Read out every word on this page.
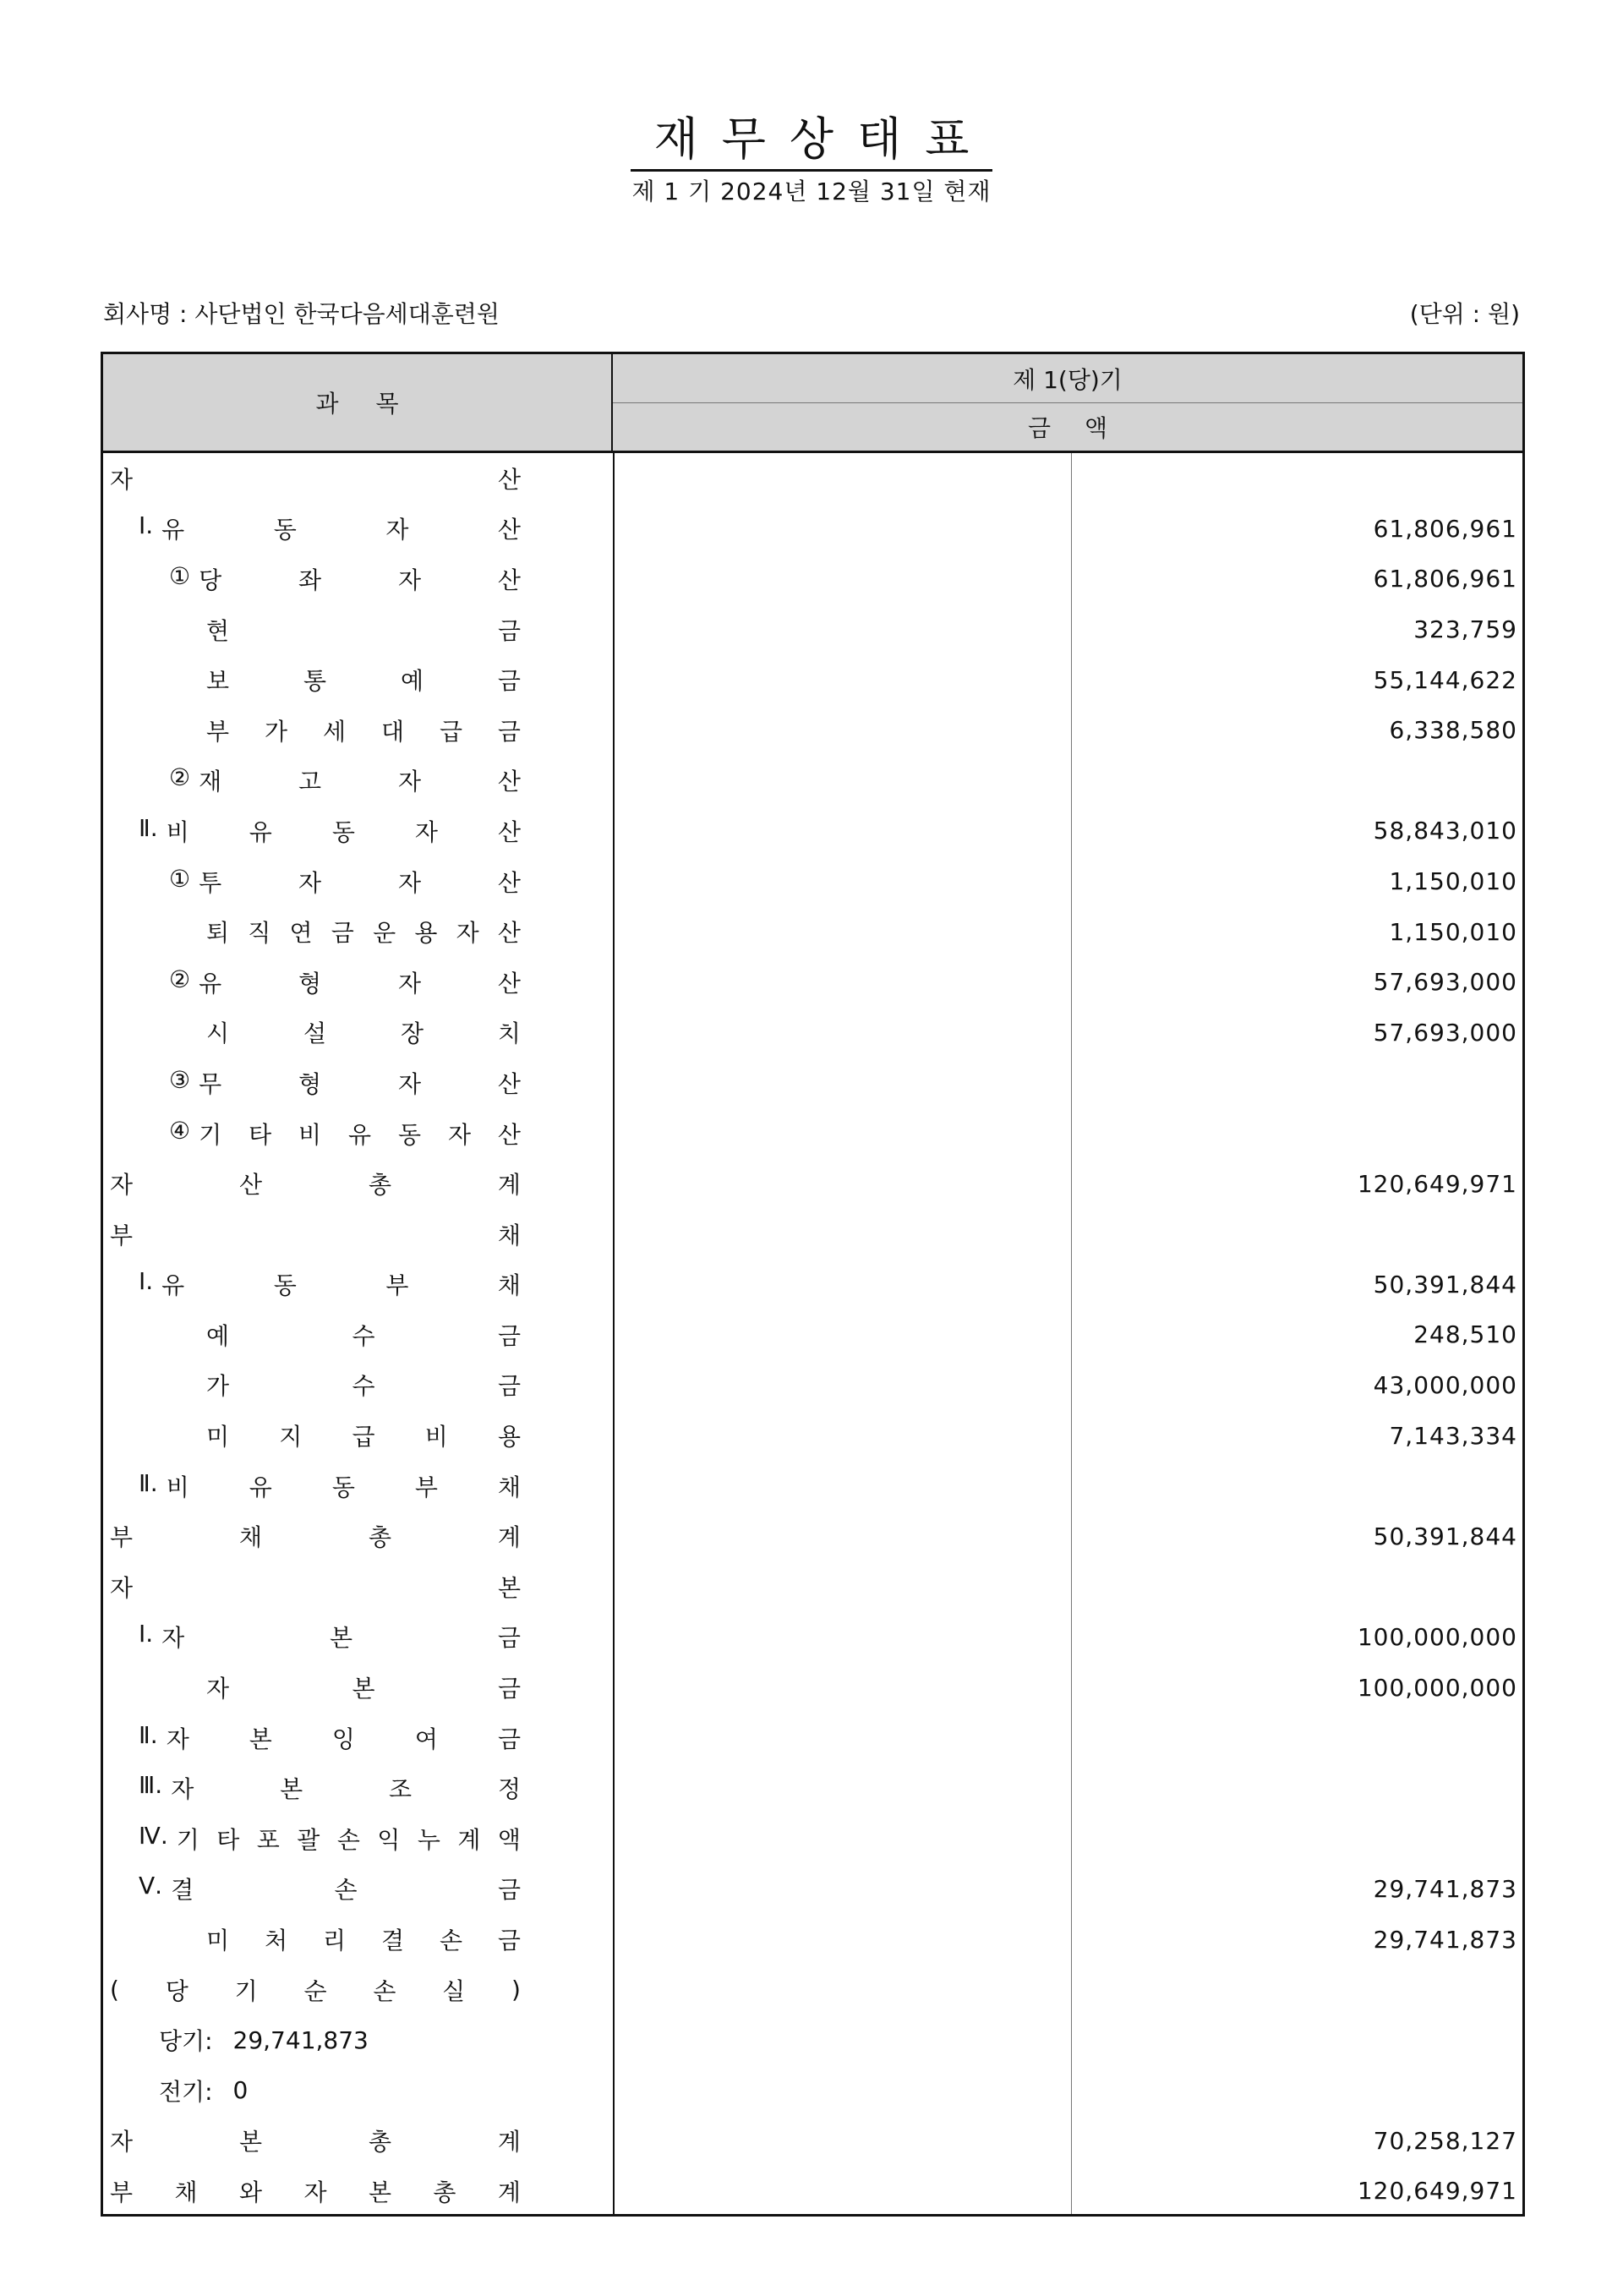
재무상태표
제 1 기 2024년 12월 31일 현재
회사명 : 사단법인 한국다음세대훈련원	(단위 : 원)
과목
제 1(당)기
금액
자	산
Ⅰ. 유	동	자	산	61,806,961
① 당	좌	자	산	61,806,961
현	금	323,759
보	통	예	금	55,144,622
부 가 세 대 급 금	6,338,580
② 재	고	자	산
Ⅱ. 비	유	동	자	산	58,843,010
① 투	자	자	산	1,150,010
퇴 직 연 금 운 용 자 산	1,150,010
② 유	형	자	산	57,693,000
시	설	장	치	57,693,000
③ 무	형	자	산
④ 기 타 비 유 동 자 산
자	산	총	계	120,649,971
부	채
Ⅰ. 유	동	부	채	50,391,844
예	수	금	248,510
가	수	금	43,000,000
미 지 급 비 용	7,143,334
Ⅱ. 비	유	동	부	채
부	채	총	계	50,391,844
자	본
Ⅰ. 자	본	금	100,000,000
자	본	금	100,000,000
Ⅱ. 자	본	잉	여	금
Ⅲ. 자	본	조	정
Ⅳ. 기 타 포 괄 손 익 누 계 액
Ⅴ. 결	손	금	29,741,873
미 처 리 결 손 금	29,741,873
( 당 기 순 손 실 )
당기: 29,741,873
전기: 0
자	본	총	계	70,258,127
부 채 와 자 본 총 계	120,649,971
